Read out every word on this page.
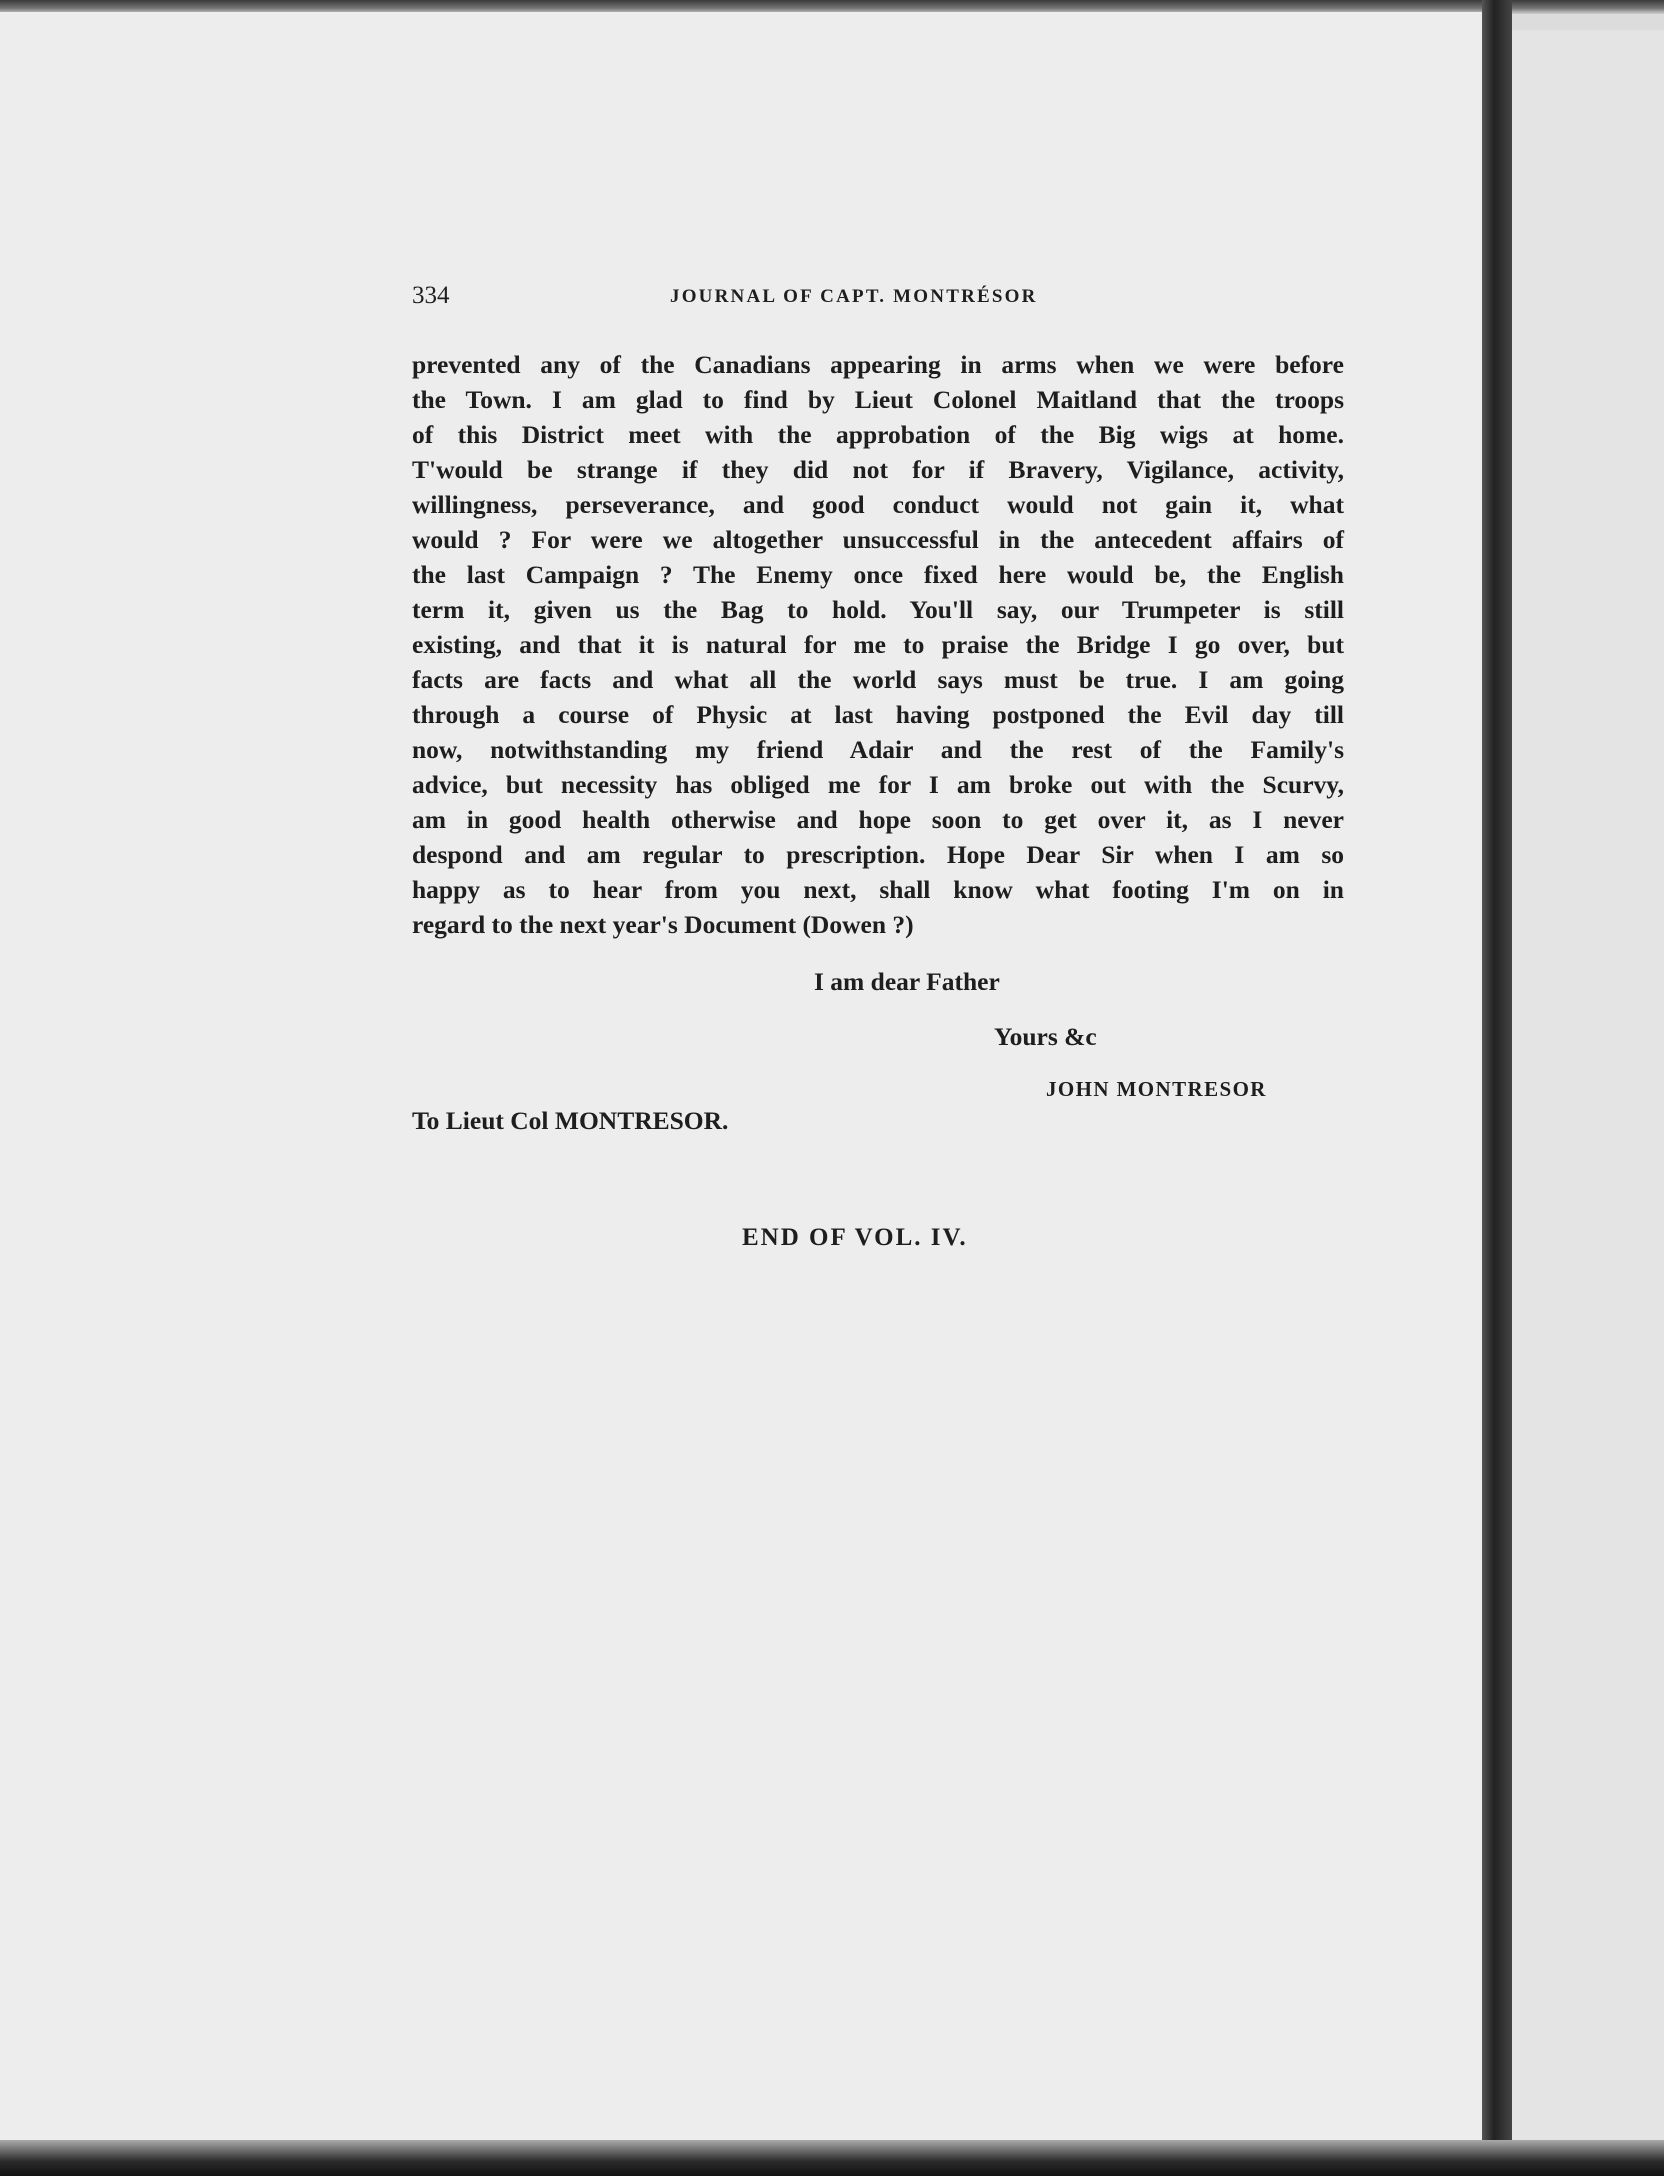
334	JOURNAL OF CAPT. MONTRÉSOR
prevented any of the Canadians appearing in arms when we were before
the Town. I am glad to find by Lieut Colonel Maitland that the troops
of this District meet with the approbation of the Big wigs at home.
T'would be strange if they did not for if Bravery, Vigilance, activity,
willingness, perseverance, and good conduct would not gain it, what
would ? For were we altogether unsuccessful in the antecedent affairs of
the last Campaign ? The Enemy once fixed here would be, the English
term it, given us the Bag to hold. You'll say, our Trumpeter is still
existing, and that it is natural for me to praise the Bridge I go over, but
facts are facts and what all the world says must be true. I am going
through a course of Physic at last having postponed the Evil day till
now, notwithstanding my friend Adair and the rest of the Family's
advice, but necessity has obliged me for I am broke out with the Scurvy,
am in good health otherwise and hope soon to get over it, as I never
despond and am regular to prescription. Hope Dear Sir when I am so
happy as to hear from you next, shall know what footing I'm on in
regard to the next year's Document (Dowen ?)
I am dear Father
Yours &c
JOHN MONTRESOR
To Lieut Col MONTRESOR.
END OF VOL. IV.
